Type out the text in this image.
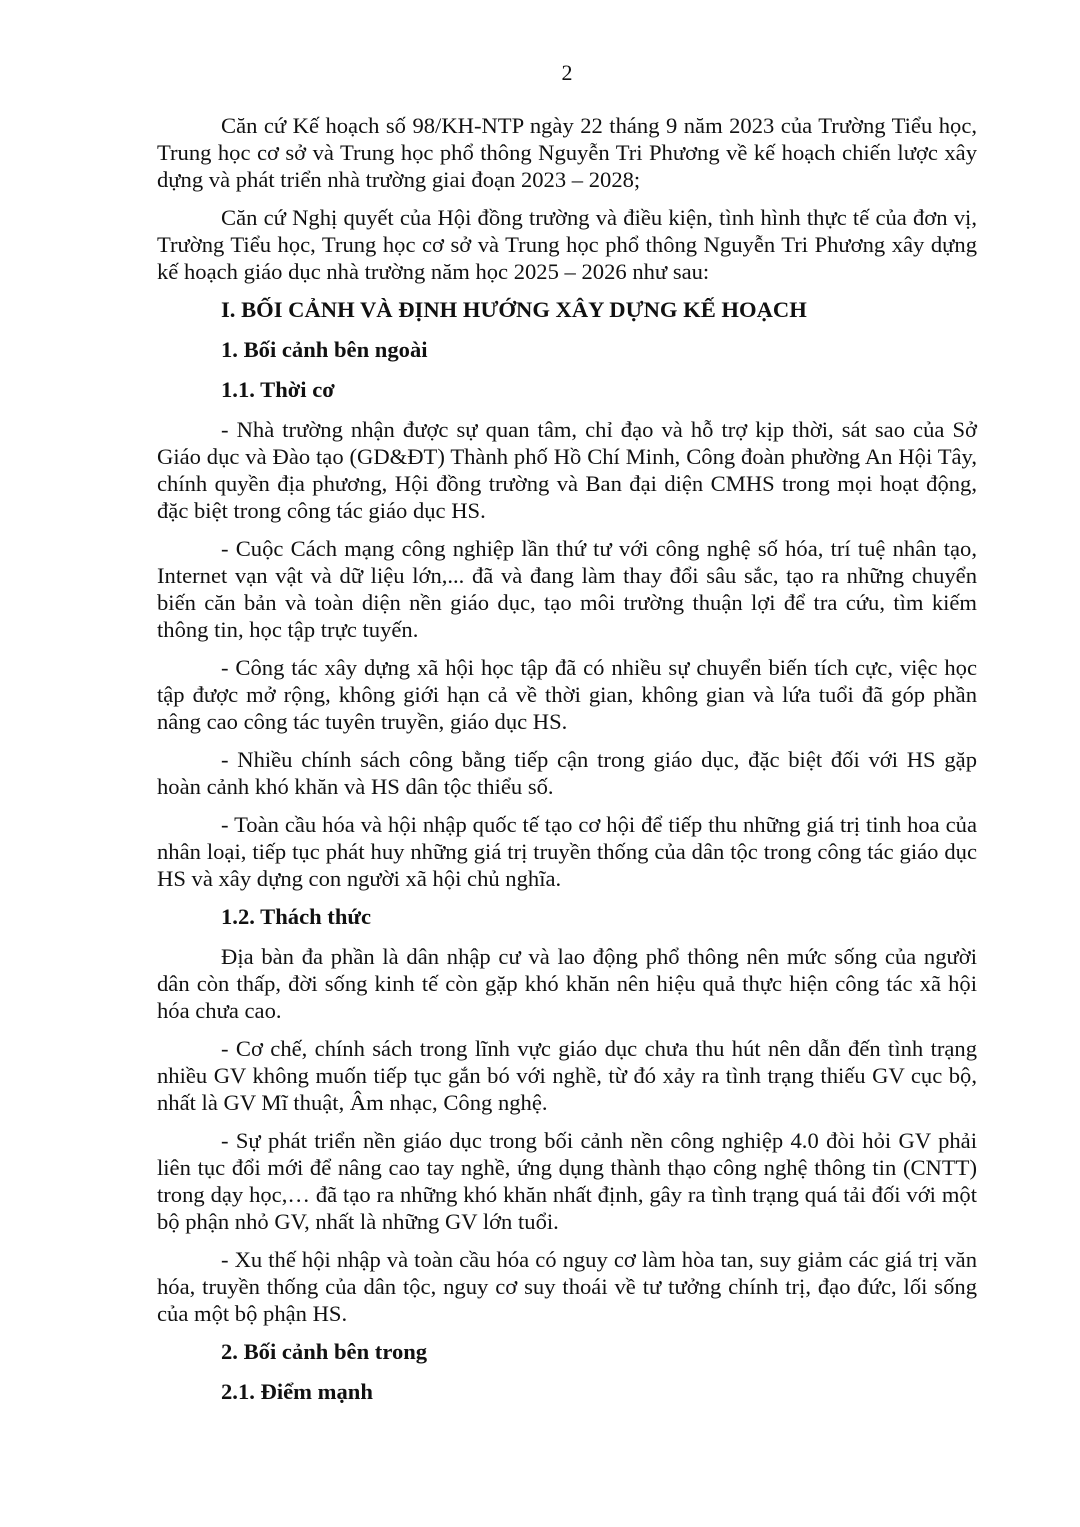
2

Căn cứ Kế hoạch số 98/KH-NTP ngày 22 tháng 9 năm 2023 của Trường Tiểu học, Trung học cơ sở và Trung học phổ thông Nguyễn Tri Phương về kế hoạch chiến lược xây dựng và phát triển nhà trường giai đoạn 2023 – 2028;

Căn cứ Nghị quyết của Hội đồng trường và điều kiện, tình hình thực tế của đơn vị, Trường Tiểu học, Trung học cơ sở và Trung học phổ thông Nguyễn Tri Phương xây dựng kế hoạch giáo dục nhà trường năm học 2025 – 2026 như sau:

I. BỐI CẢNH VÀ ĐỊNH HƯỚNG XÂY DỰNG KẾ HOẠCH

1. Bối cảnh bên ngoài

1.1. Thời cơ

- Nhà trường nhận được sự quan tâm, chỉ đạo và hỗ trợ kịp thời, sát sao của Sở Giáo dục và Đào tạo (GD&ĐT) Thành phố Hồ Chí Minh, Công đoàn phường An Hội Tây, chính quyền địa phương, Hội đồng trường và Ban đại diện CMHS trong mọi hoạt động, đặc biệt trong công tác giáo dục HS.

- Cuộc Cách mạng công nghiệp lần thứ tư với công nghệ số hóa, trí tuệ nhân tạo, Internet vạn vật và dữ liệu lớn,... đã và đang làm thay đổi sâu sắc, tạo ra những chuyển biến căn bản và toàn diện nền giáo dục, tạo môi trường thuận lợi để tra cứu, tìm kiếm thông tin, học tập trực tuyến.

- Công tác xây dựng xã hội học tập đã có nhiều sự chuyển biến tích cực, việc học tập được mở rộng, không giới hạn cả về thời gian, không gian và lứa tuổi đã góp phần nâng cao công tác tuyên truyền, giáo dục HS.

- Nhiều chính sách công bằng tiếp cận trong giáo dục, đặc biệt đối với HS gặp hoàn cảnh khó khăn và HS dân tộc thiểu số.

- Toàn cầu hóa và hội nhập quốc tế tạo cơ hội để tiếp thu những giá trị tinh hoa của nhân loại, tiếp tục phát huy những giá trị truyền thống của dân tộc trong công tác giáo dục HS và xây dựng con người xã hội chủ nghĩa.

1.2. Thách thức

Địa bàn đa phần là dân nhập cư và lao động phổ thông nên mức sống của người dân còn thấp, đời sống kinh tế còn gặp khó khăn nên hiệu quả thực hiện công tác xã hội hóa chưa cao.

- Cơ chế, chính sách trong lĩnh vực giáo dục chưa thu hút nên dẫn đến tình trạng nhiều GV không muốn tiếp tục gắn bó với nghề, từ đó xảy ra tình trạng thiếu GV cục bộ, nhất là GV Mĩ thuật, Âm nhạc, Công nghệ.

- Sự phát triển nền giáo dục trong bối cảnh nền công nghiệp 4.0 đòi hỏi GV phải liên tục đổi mới để nâng cao tay nghề, ứng dụng thành thạo công nghệ thông tin (CNTT) trong dạy học,… đã tạo ra những khó khăn nhất định, gây ra tình trạng quá tải đối với một bộ phận nhỏ GV, nhất là những GV lớn tuổi.

- Xu thế hội nhập và toàn cầu hóa có nguy cơ làm hòa tan, suy giảm các giá trị văn hóa, truyền thống của dân tộc, nguy cơ suy thoái về tư tưởng chính trị, đạo đức, lối sống của một bộ phận HS.

2. Bối cảnh bên trong

2.1. Điểm mạnh
